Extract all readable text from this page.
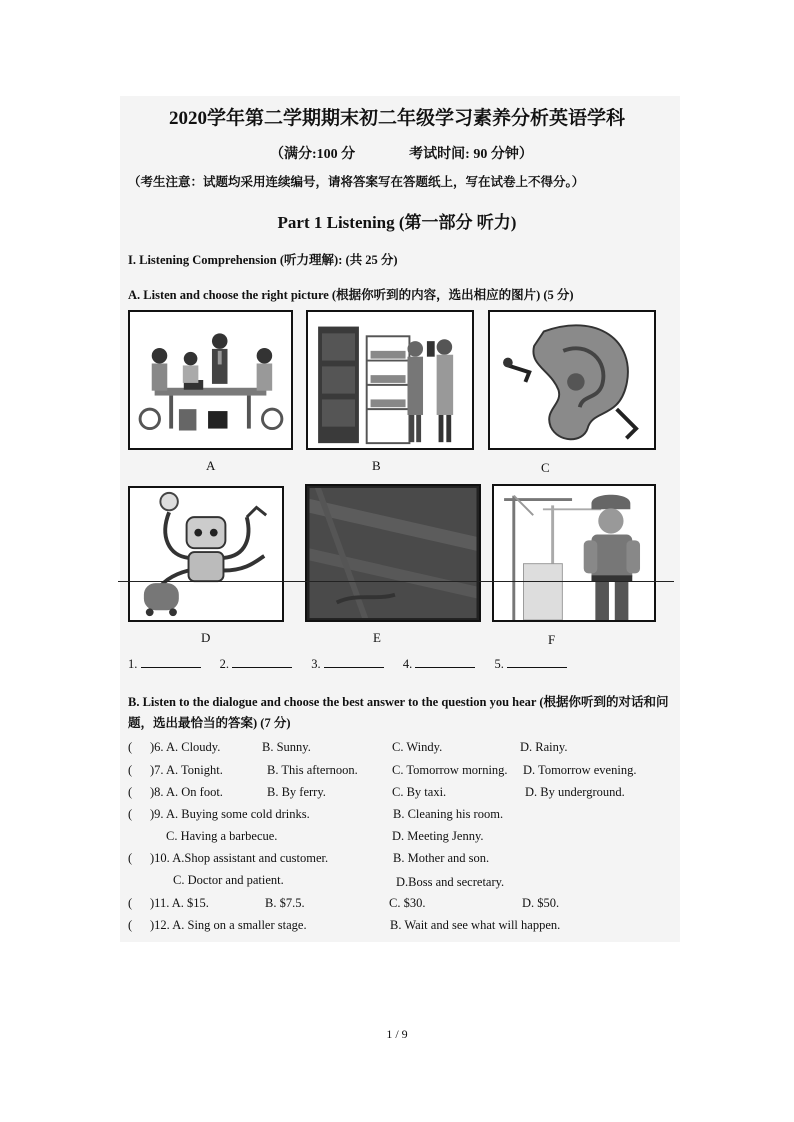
2020学年第二学期期末初二年级学习素养分析英语学科
（满分:100 分	考试时间: 90 分钟）
（考生注意：试题均采用连续编号，请将答案写在答题纸上，写在试卷上不得分。）
Part 1 Listening (第一部分 听力)
I. Listening Comprehension (听力理解): (共 25 分)
A. Listen and choose the right picture (根据你听到的内容，选出相应的图片) (5 分)
A	B	C
D	E	F
1.	2.	3.	4.	5.
B. Listen to the dialogue and choose the best answer to the question you hear (根据你听到的对话和问题，选出最恰当的答案) (7 分)
( )6. A. Cloudy.	B. Sunny.	C. Windy.	D. Rainy.
( )7. A. Tonight.	B. This afternoon.	C. Tomorrow morning. D. Tomorrow evening.
( )8. A. On foot.	B. By ferry.	C. By taxi.	D. By underground.
( )9. A. Buying some cold drinks.	B. Cleaning his room.
C. Having a barbecue.	D. Meeting Jenny.
( )10. A.Shop assistant and customer.	B. Mother and son.
C. Doctor and patient.	D.Boss and secretary.
( )11. A. $15.	B. $7.5.	C. $30.	D. $50.
( )12. A. Sing on a smaller stage.	B. Wait and see what will happen.
1 / 9
